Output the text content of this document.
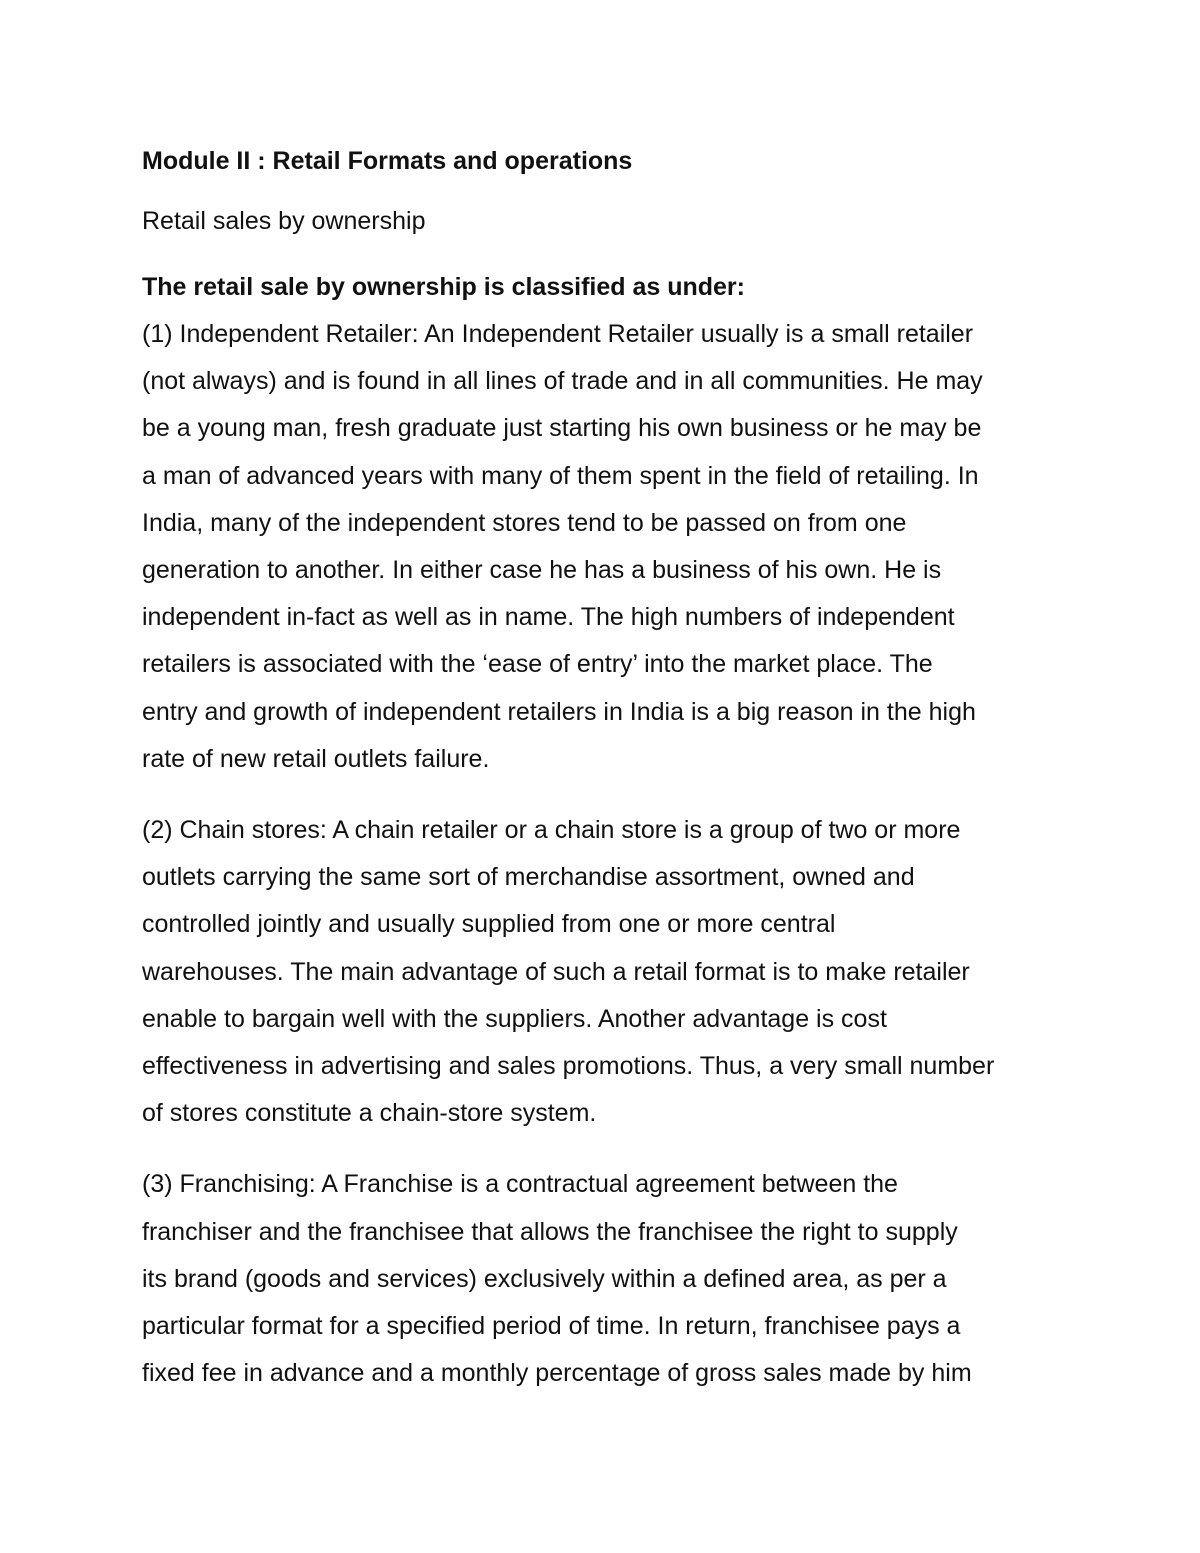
Module II : Retail Formats and operations
Retail sales by ownership
The retail sale by ownership is classified as under:
(1) Independent Retailer: An Independent Retailer usually is a small retailer
(not always) and is found in all lines of trade and in all communities. He may
be a young man, fresh graduate just starting his own business or he may be
a man of advanced years with many of them spent in the field of retailing. In
India, many of the independent stores tend to be passed on from one
generation to another. In either case he has a business of his own. He is
independent in-fact as well as in name. The high numbers of independent
retailers is associated with the ‘ease of entry’ into the market place. The
entry and growth of independent retailers in India is a big reason in the high
rate of new retail outlets failure.
(2) Chain stores: A chain retailer or a chain store is a group of two or more
outlets carrying the same sort of merchandise assortment, owned and
controlled jointly and usually supplied from one or more central
warehouses. The main advantage of such a retail format is to make retailer
enable to bargain well with the suppliers. Another advantage is cost
effectiveness in advertising and sales promotions. Thus, a very small number
of stores constitute a chain-store system.
(3) Franchising: A Franchise is a contractual agreement between the
franchiser and the franchisee that allows the franchisee the right to supply
its brand (goods and services) exclusively within a defined area, as per a
particular format for a specified period of time. In return, franchisee pays a
fixed fee in advance and a monthly percentage of gross sales made by him
